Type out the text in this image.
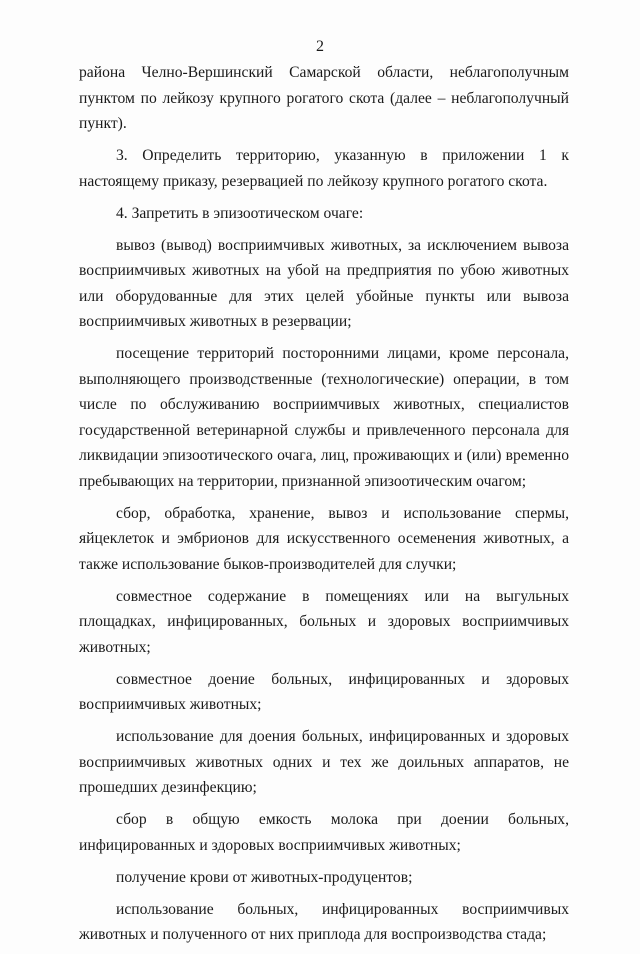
2

района Челно-Вершинский Самарской области, неблагополучным пунктом по лейкозу крупного рогатого скота (далее – неблагополучный пункт).

3. Определить территорию, указанную в приложении 1 к настоящему приказу, резервацией по лейкозу крупного рогатого скота.

4. Запретить в эпизоотическом очаге:

вывоз (вывод) восприимчивых животных, за исключением вывоза восприимчивых животных на убой на предприятия по убою животных или оборудованные для этих целей убойные пункты или вывоза восприимчивых животных в резервации;

посещение территорий посторонними лицами, кроме персонала, выполняющего производственные (технологические) операции, в том числе по обслуживанию восприимчивых животных, специалистов государственной ветеринарной службы и привлеченного персонала для ликвидации эпизоотического очага, лиц, проживающих и (или) временно пребывающих на территории, признанной эпизоотическим очагом;

сбор, обработка, хранение, вывоз и использование спермы, яйцеклеток и эмбрионов для искусственного осеменения животных, а также использование быков-производителей для случки;

совместное содержание в помещениях или на выгульных площадках, инфицированных, больных и здоровых восприимчивых животных;

совместное доение больных, инфицированных и здоровых восприимчивых животных;

использование для доения больных, инфицированных и здоровых восприимчивых животных одних и тех же доильных аппаратов, не прошедших дезинфекцию;

сбор в общую емкость молока при доении больных, инфицированных и здоровых восприимчивых животных;

получение крови от животных-продуцентов;

использование больных, инфицированных восприимчивых животных и полученного от них приплода для воспроизводства стада;
